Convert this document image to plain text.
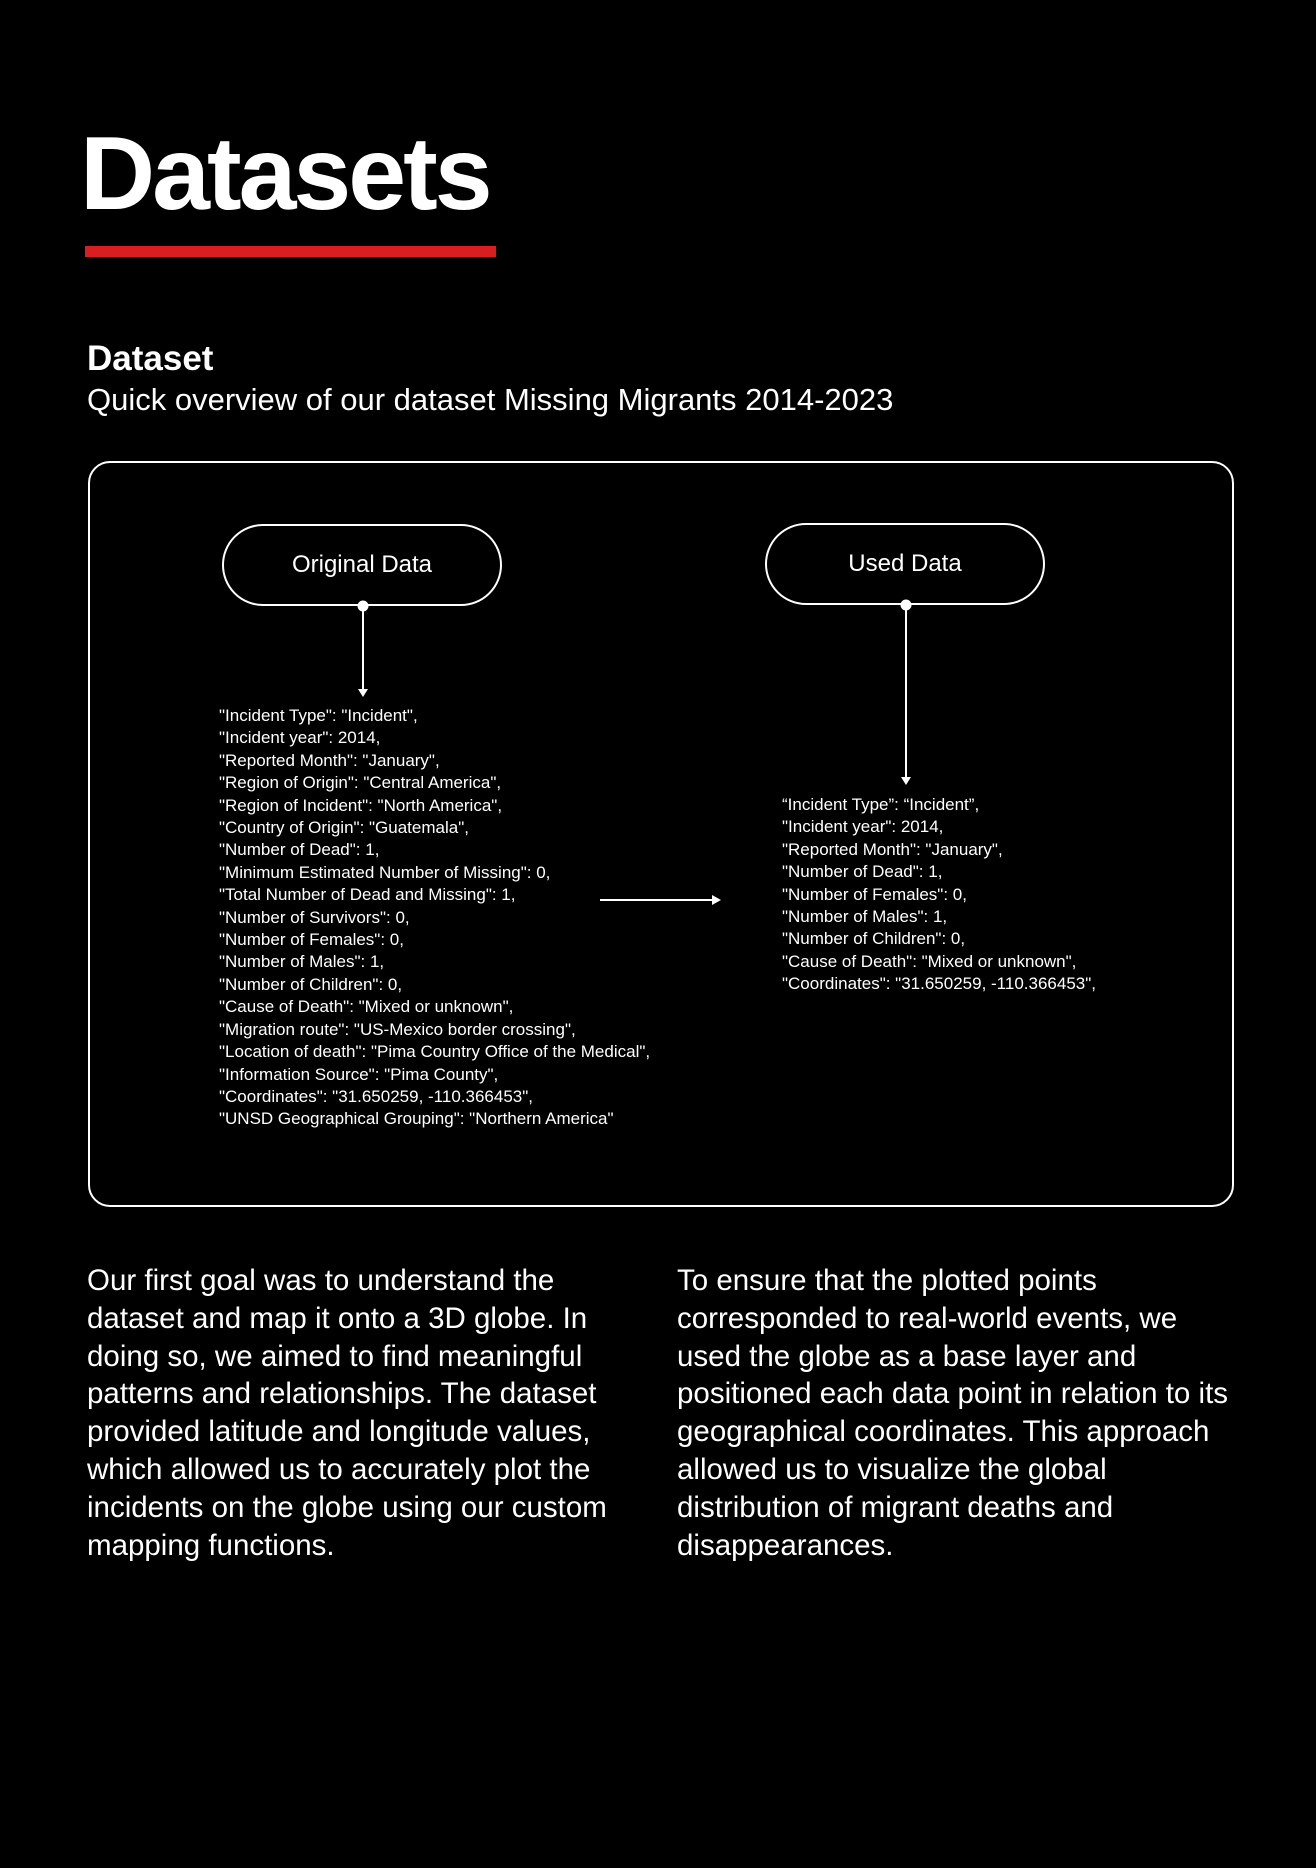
Datasets
Dataset

Quick overview of our dataset Missing Migrants 2014-2023

Original Data	Used Data
"Incident Type": "Incident",
"Incident year": 2014,
"Reported Month": "January",
"Region of Origin": "Central America",
"Region of Incident": "North America",
"Country of Origin": "Guatemala",
"Number of Dead": 1,
"Minimum Estimated Number of Missing": 0,
"Total Number of Dead and Missing": 1,
"Number of Survivors": 0,
"Number of Females": 0,
"Number of Males": 1,
"Number of Children": 0,
"Cause of Death": "Mixed or unknown",
"Migration route": "US-Mexico border crossing",
"Location of death": "Pima Country Office of the Medical",
"Information Source": "Pima County",
"Coordinates": "31.650259, -110.366453",
"UNSD Geographical Grouping": "Northern America"
“Incident Type”: “Incident”,
"Incident year": 2014,
"Reported Month": "January",
"Number of Dead": 1,
"Number of Females": 0,
"Number of Males": 1,
"Number of Children": 0,
"Cause of Death": "Mixed or unknown",
"Coordinates": "31.650259, -110.366453",

Our first goal was to understand the dataset and map it onto a 3D globe. In doing so, we aimed to find meaningful patterns and relationships. The dataset provided latitude and longitude values, which allowed us to accurately plot the incidents on the globe using our custom mapping functions.

To ensure that the plotted points corresponded to real-world events, we used the globe as a base layer and positioned each data point in relation to its geographical coordinates. This approach allowed us to visualize the global distribution of migrant deaths and disappearances.
